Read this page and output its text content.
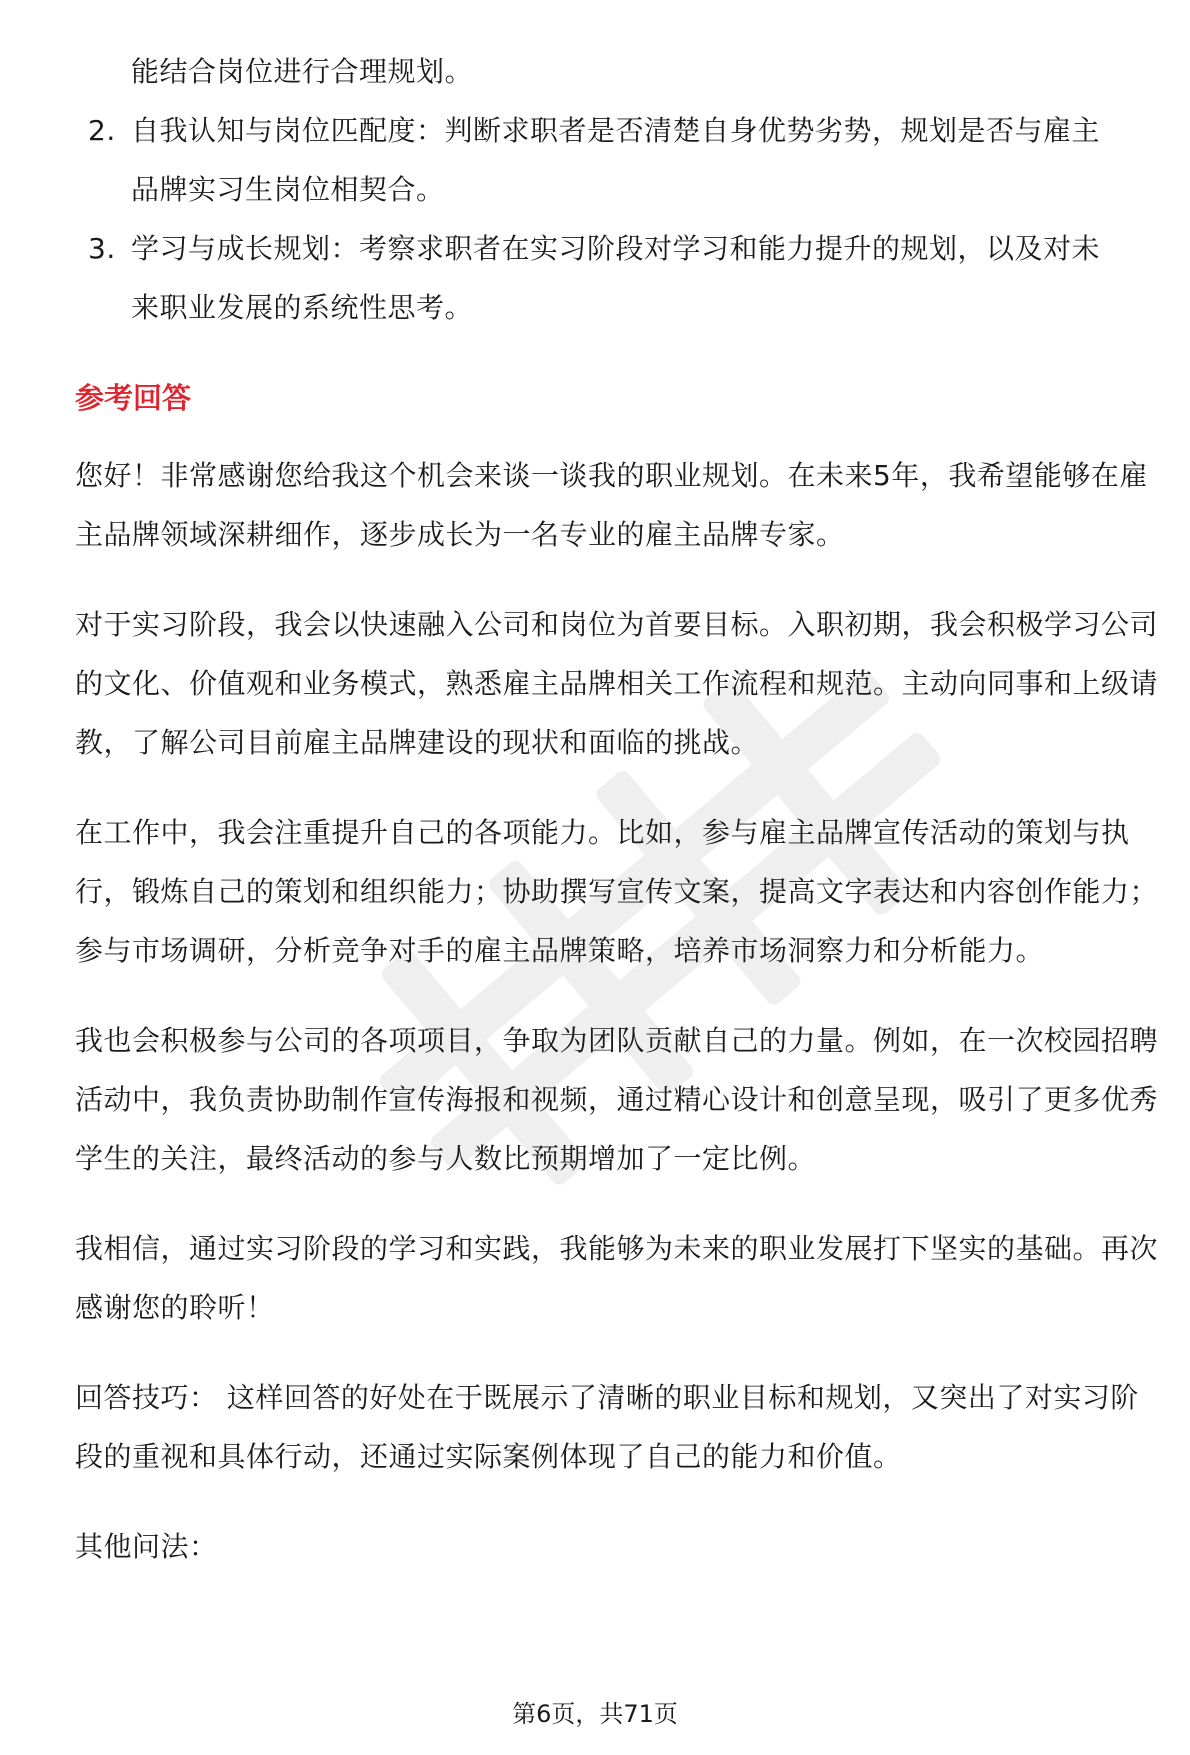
能结合岗位进行合理规划。
2. 自我认知与岗位匹配度：判断求职者是否清楚自身优势劣势，规划是否与雇主
品牌实习生岗位相契合。
3. 学习与成长规划：考察求职者在实习阶段对学习和能力提升的规划，以及对未
来职业发展的系统性思考。
参考回答
您好！非常感谢您给我这个机会来谈一谈我的职业规划。在未来5年，我希望能够在雇主品牌领域深耕细作，逐步成长为一名专业的雇主品牌专家。
对于实习阶段，我会以快速融入公司和岗位为首要目标。入职初期，我会积极学习公司的文化、价值观和业务模式，熟悉雇主品牌相关工作流程和规范。主动向同事和上级请教，了解公司目前雇主品牌建设的现状和面临的挑战。
在工作中，我会注重提升自己的各项能力。比如，参与雇主品牌宣传活动的策划与执行，锻炼自己的策划和组织能力；协助撰写宣传文案，提高文字表达和内容创作能力；参与市场调研，分析竞争对手的雇主品牌策略，培养市场洞察力和分析能力。
我也会积极参与公司的各项项目，争取为团队贡献自己的力量。例如，在一次校园招聘活动中，我负责协助制作宣传海报和视频，通过精心设计和创意呈现，吸引了更多优秀学生的关注，最终活动的参与人数比预期增加了一定比例。
我相信，通过实习阶段的学习和实践，我能够为未来的职业发展打下坚实的基础。再次感谢您的聆听！
回答技巧： 这样回答的好处在于既展示了清晰的职业目标和规划，又突出了对实习阶段的重视和具体行动，还通过实际案例体现了自己的能力和价值。
其他问法：
第6页，共71页
